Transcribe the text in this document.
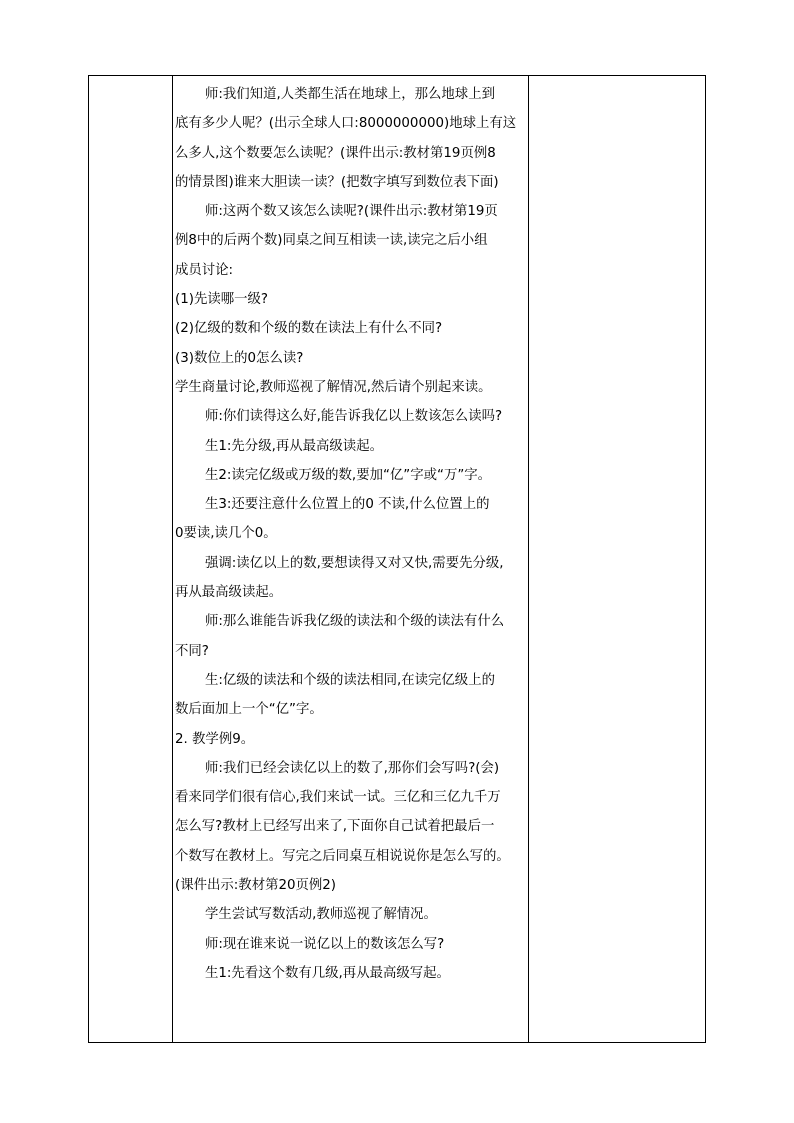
师:我们知道,人类都生活在地球上，那么地球上到
底有多少人呢？(出示全球人口:8000000000)地球上有这
么多人,这个数要怎么读呢？(课件出示:教材第19页例8
的情景图)谁来大胆读一读？(把数字填写到数位表下面)
师:这两个数又该怎么读呢?(课件出示:教材第19页
例8中的后两个数)同桌之间互相读一读,读完之后小组
成员讨论:
(1)先读哪一级?
(2)亿级的数和个级的数在读法上有什么不同?
(3)数位上的0怎么读?
学生商量讨论,教师巡视了解情况,然后请个别起来读。
师:你们读得这么好,能告诉我亿以上数该怎么读吗?
生1:先分级,再从最高级读起。
生2:读完亿级或万级的数,要加“亿”字或“万”字。
生3:还要注意什么位置上的0 不读,什么位置上的
0要读,读几个0。
强调:读亿以上的数,要想读得又对又快,需要先分级,
再从最高级读起。
师:那么谁能告诉我亿级的读法和个级的读法有什么
不同?
生:亿级的读法和个级的读法相同,在读完亿级上的
数后面加上一个“亿”字。
2. 教学例9。
师:我们已经会读亿以上的数了,那你们会写吗?(会)
看来同学们很有信心,我们来试一试。三亿和三亿九千万
怎么写?教材上已经写出来了,下面你自己试着把最后一
个数写在教材上。写完之后同桌互相说说你是怎么写的。
(课件出示:教材第20页例2)
学生尝试写数活动,教师巡视了解情况。
师:现在谁来说一说亿以上的数该怎么写?
生1:先看这个数有几级,再从最高级写起。
